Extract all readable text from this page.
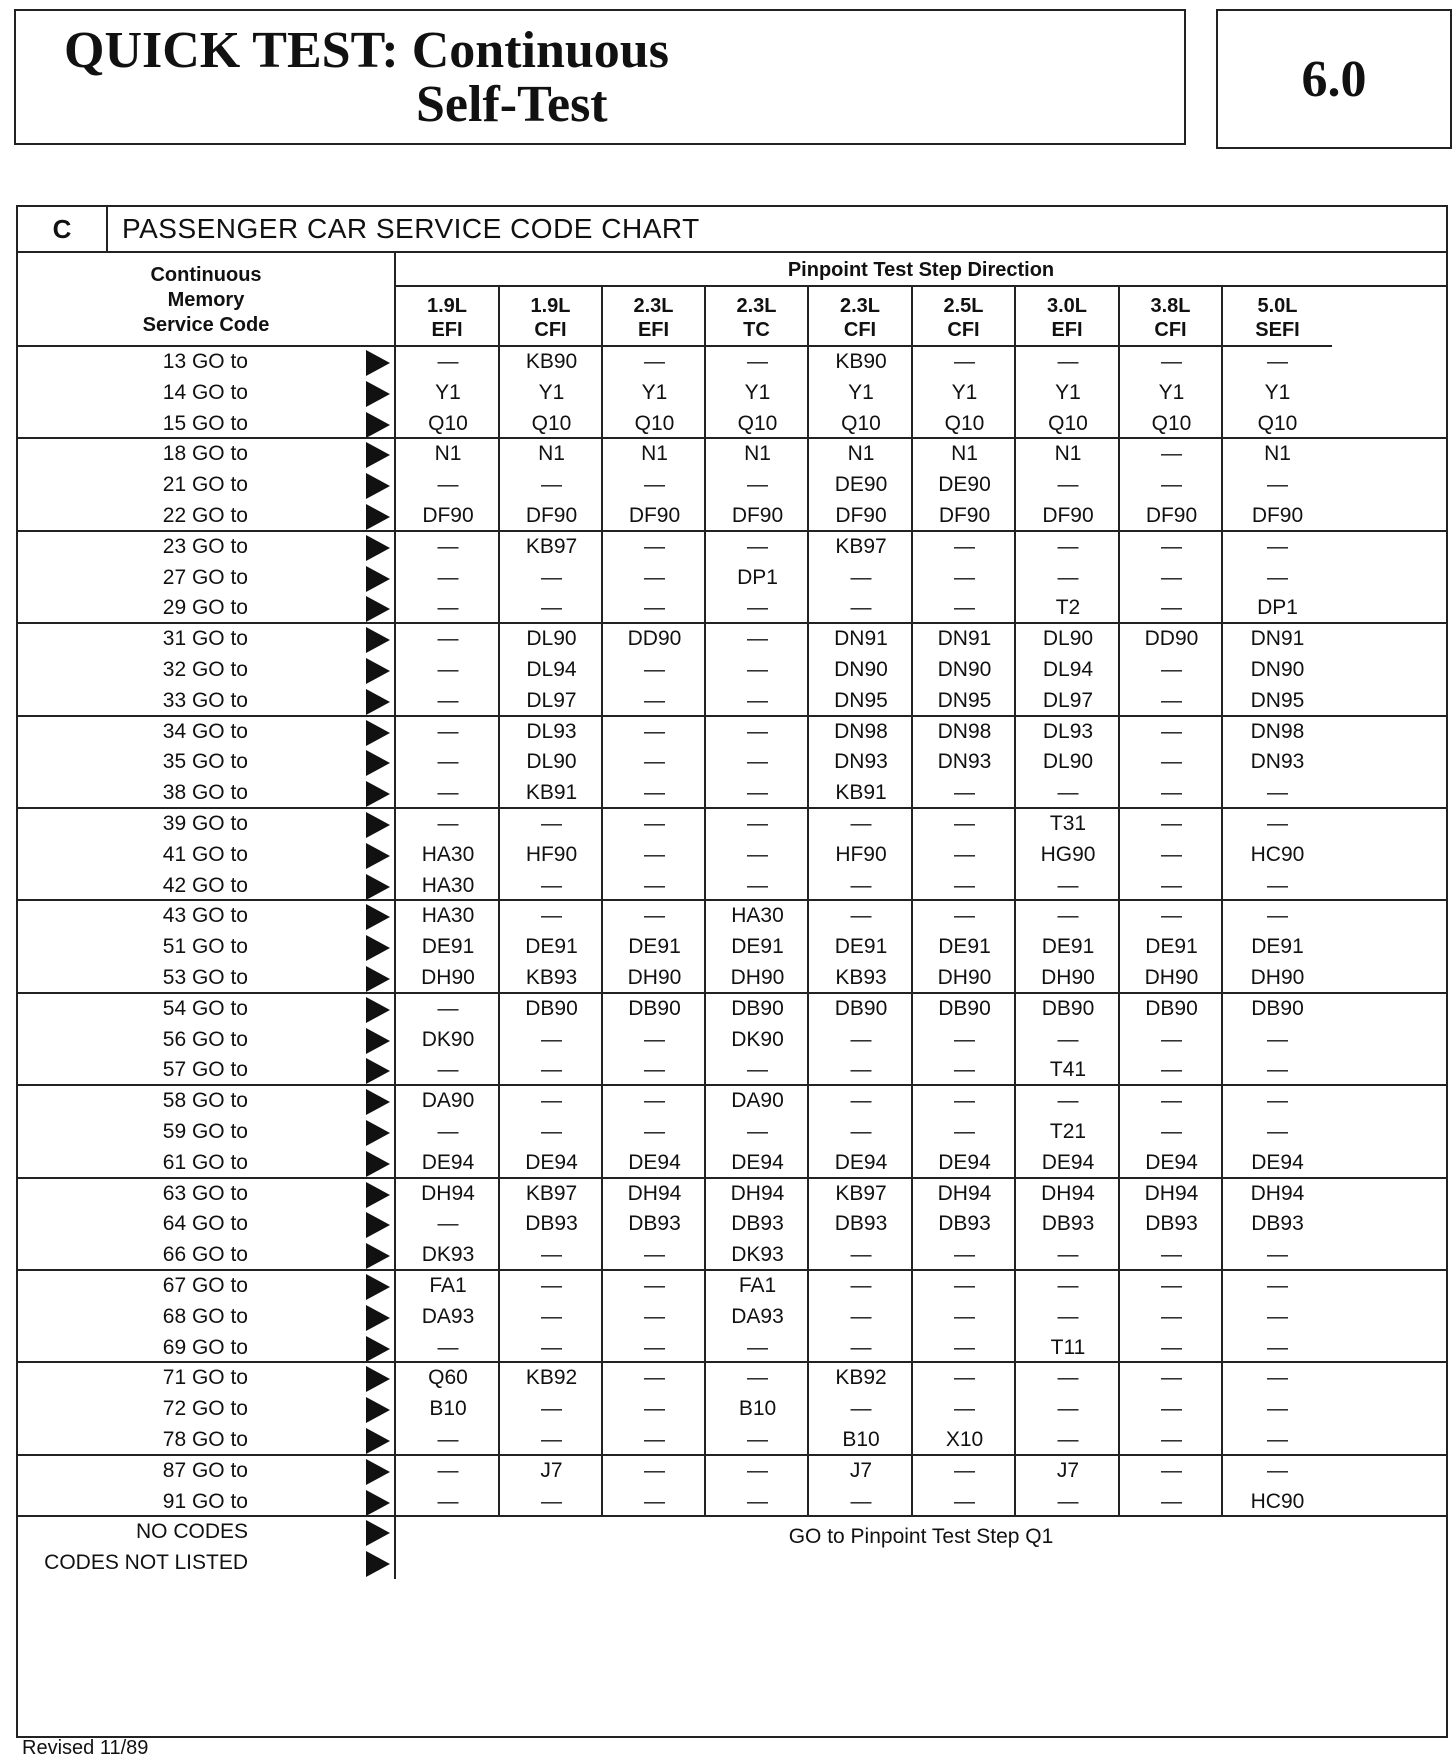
QUICK TEST: Continuous
Self-Test	6.0
C	PASSENGER CAR SERVICE CODE CHART
Continuous
Memory
Service Code
Pinpoint Test Step Direction
1.9L
EFI
1.9L
CFI
2.3L
EFI
2.3L
TC
2.3L
CFI
2.5L
CFI
3.0L
EFI
3.8L
CFI
5.0L
SEFI
13 GO to	—	KB90	—	—	KB90	—	—	—	—
14 GO to	Y1	Y1	Y1	Y1	Y1	Y1	Y1	Y1	Y1
15 GO to	Q10	Q10	Q10	Q10	Q10	Q10	Q10	Q10	Q10
18 GO to	N1	N1	N1	N1	N1	N1	N1	—	N1
21 GO to	—	—	—	—	DE90	DE90	—	—	—
22 GO to	DF90	DF90	DF90	DF90	DF90	DF90	DF90	DF90	DF90
23 GO to	—	KB97	—	—	KB97	—	—	—	—
27 GO to	—	—	—	DP1	—	—	—	—	—
29 GO to	—	—	—	—	—	—	T2	—	DP1
31 GO to	—	DL90	DD90	—	DN91	DN91	DL90	DD90	DN91
32 GO to	—	DL94	—	—	DN90	DN90	DL94	—	DN90
33 GO to	—	DL97	—	—	DN95	DN95	DL97	—	DN95
34 GO to	—	DL93	—	—	DN98	DN98	DL93	—	DN98
35 GO to	—	DL90	—	—	DN93	DN93	DL90	—	DN93
38 GO to	—	KB91	—	—	KB91	—	—	—	—
39 GO to	—	—	—	—	—	—	T31	—	—
41 GO to	HA30	HF90	—	—	HF90	—	HG90	—	HC90
42 GO to	HA30	—	—	—	—	—	—	—	—
43 GO to	HA30	—	—	HA30	—	—	—	—	—
51 GO to	DE91	DE91	DE91	DE91	DE91	DE91	DE91	DE91	DE91
53 GO to	DH90	KB93	DH90	DH90	KB93	DH90	DH90	DH90	DH90
54 GO to	—	DB90	DB90	DB90	DB90	DB90	DB90	DB90	DB90
56 GO to	DK90	—	—	DK90	—	—	—	—	—
57 GO to	—	—	—	—	—	—	T41	—	—
58 GO to	DA90	—	—	DA90	—	—	—	—	—
59 GO to	—	—	—	—	—	—	T21	—	—
61 GO to	DE94	DE94	DE94	DE94	DE94	DE94	DE94	DE94	DE94
63 GO to	DH94	KB97	DH94	DH94	KB97	DH94	DH94	DH94	DH94
64 GO to	—	DB93	DB93	DB93	DB93	DB93	DB93	DB93	DB93
66 GO to	DK93	—	—	DK93	—	—	—	—	—
67 GO to	FA1	—	—	FA1	—	—	—	—	—
68 GO to	DA93	—	—	DA93	—	—	—	—	—
69 GO to	—	—	—	—	—	—	T11	—	—
71 GO to	Q60	KB92	—	—	KB92	—	—	—	—
72 GO to	B10	—	—	B10	—	—	—	—	—
78 GO to	—	—	—	—	B10	X10	—	—	—
87 GO to	—	J7	—	—	J7	—	J7	—	—
91 GO to	—	—	—	—	—	—	—	—	HC90
NO CODES
CODES NOT LISTED
GO to Pinpoint Test Step Q1
Revised 11/89
